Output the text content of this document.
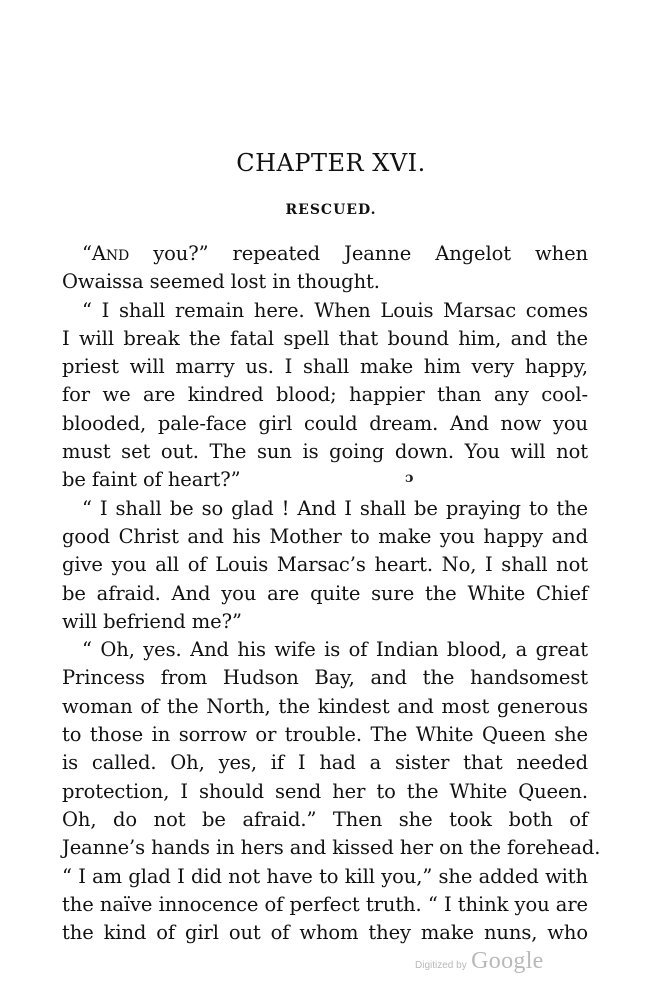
CHAPTER XVI.
RESCUED.
“And you?” repeated Jeanne Angelot when
Owaissa seemed lost in thought.
“ I shall remain here. When Louis Marsac comes
I will break the fatal spell that bound him, and the
priest will marry us. I shall make him very happy,
for we are kindred blood; happier than any cool-
blooded, pale-face girl could dream. And now you
must set out. The sun is going down. You will not
be faint of heart?”
“ I shall be so glad ! And I shall be praying to the
good Christ and his Mother to make you happy and
give you all of Louis Marsac’s heart. No, I shall not
be afraid. And you are quite sure the White Chief
will befriend me?”
“ Oh, yes. And his wife is of Indian blood, a great
Princess from Hudson Bay, and the handsomest
woman of the North, the kindest and most generous
to those in sorrow or trouble. The White Queen she
is called. Oh, yes, if I had a sister that needed
protection, I should send her to the White Queen.
Oh, do not be afraid.” Then she took both of
Jeanne’s hands in hers and kissed her on the forehead.
“ I am glad I did not have to kill you,” she added with
the naïve innocence of perfect truth. “ I think you are
the kind of girl out of whom they make nuns, who
ɔ
Digitized by Google
